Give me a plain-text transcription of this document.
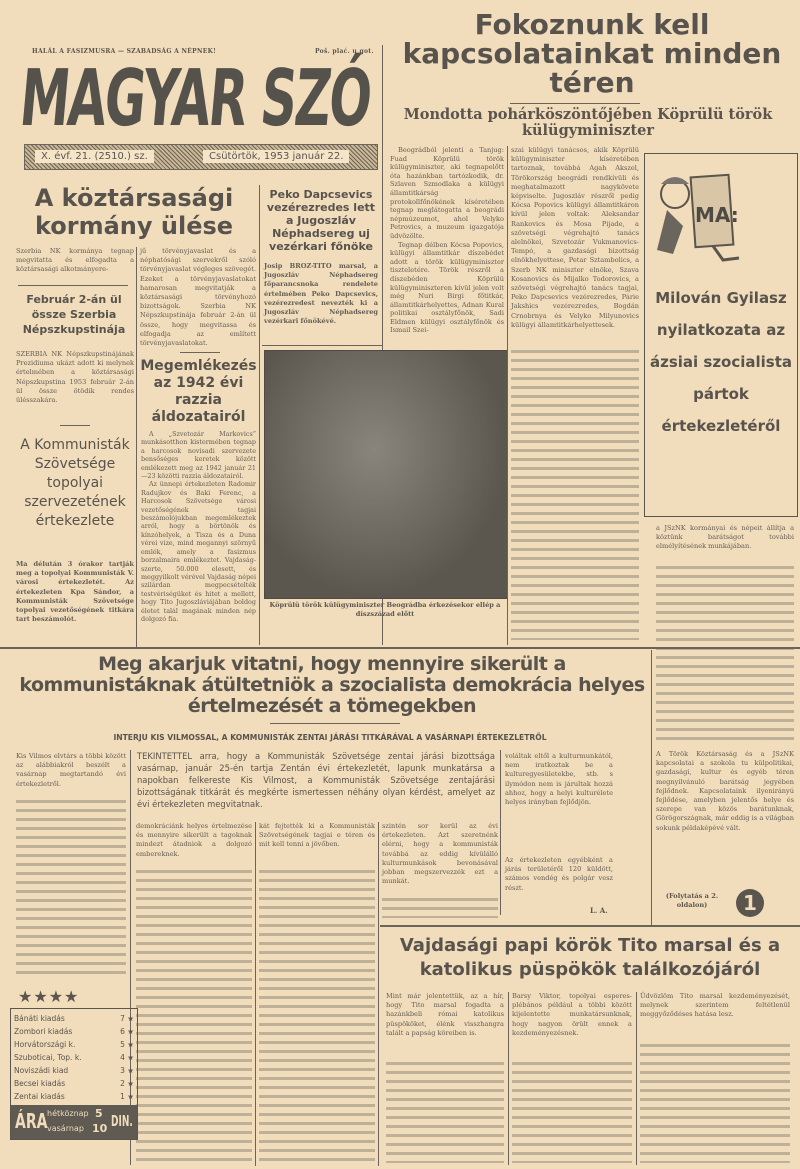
HALÁL A FASIZMUSRA — SZABADSÁG A NÉPNEK!	Poš. plać. u got.
MAGYAR SZÓ
X. évf. 21. (2510.) sz.	Csütörtök, 1953 január 22.
A köztársasági kormány ülése
Szerbia NK kormánya tegnap megvitatta és elfogadta a köztársasági alkotmányere-
jű törvényjavaslat és a néphatósági szervekről szóló törvényjavaslat végleges szövegét. Ezeket a törvényjavaslatokat hamarosan megvitatják a köztársasági törvényhozó bizottságok. Szerbia NK Népszkupstinája február 2-án ül össze, hogy megvitassa és elfogadja az említett törvényjavaslatokat.
Február 2-án ül össze Szerbia Népszkupstinája
SZERBIA NK Népszkupstinájának Prezidiuma ukázt adott ki melynek értelmében a köztársasági Népszkupstina 1953 február 2-án ül össze ötödik rendes ülésszakára.
A Kommunisták Szövetsége topolyai szervezetének értekezlete
Ma délután 3 órakor tartják meg a topolyai Kommunisták V. városi értekezletét. Az értekezleten Kpa Sándor, a Kommunisták Szövetsége topolyai vezetőségének titkára tart beszámolót.
Megemlékezés az 1942 évi razzia áldozatairól

A „Szvetozár Markovics” munkásotthon kistermében tegnap a harcosok novisadi szervezete bensőséges keretek között emlékezett meg az 1942 január 21—23 közötti razzia áldozatairól.

Az ünnepi értekezleten Radomir Radujkov és Baki Ferenc, a Harcosok Szövetsége városi vezetőségének tagjai beszámolójukban megemlékeztek arról, hogy a börtönök és kínzóhelyek, a Tisza és a Duna vérei vize, mind megannyi szörnyű emlék, amely a fasizmus borzalmaira emlékeztet. Vajdaság-szerte, 50.000 elesett, és meggyilkolt vérével Vajdaság népei szilárdan megpecsételték testvériségüket és hitet a mellett, hogy Tito Jugoszláviájában boldog életet talál magának minden nép dolgozó fia.

Peko Dapcsevics vezérezredes lett a Jugoszláv Néphadsereg uj vezérkari főnöke
Josip BROZ-TITO marsal, a Jugoszláv Néphadsereg főparancsnoka rendelete értelmében Peko Dapcsevics, vezérezredest nevezték ki a Jugoszláv Néphadsereg vezérkari főnökévé.
Köprülü török külügyminiszter Beográdba érkezésekor ellép a díszszázad előtt
Fokoznunk kell kapcsolatainkat minden téren
Mondotta pohárköszöntőjében Köprülü török külügyminiszter

Beográdból jelenti a Tanjug: Fuad Köprülü török külügyminiszter, aki tegnapelőtt óta hazánkban tartózkodik, dr. Szlaven Szmodlaka a külügyi államtitkárság protokollfőnökének kíséretében tegnap meglátogatta a beográdi népmúzeumot, ahol Velyko Petrovics, a muzeum igazgatója üdvözölte.

Tegnap délben Kócsa Popovics, külügyi államtitkár díszebédet adott a török külügyminiszter tiszteletére. Török részről a díszebéden Köprülü külügyminiszteren kívül jelen volt még Nuri Birgi főtitkár, államtitkárhelyettes, Adnan Kural politikai osztályfőnök, Sadi Eldmen külügyi osztályfőnök és Ismail Szei-

szai külügyi tanácsos, akik Köprülü külügyminiszter kíséretében tartoznak, továbbá Agah Akszel, Törökország beográdi rendkívüli és meghatalmazott nagykövete képviselte. Jugoszláv részről pedig Kócsa Popovics külügyi államtitkáron kívül jelen voltak: Aleksandar Rankovics és Mosa Pijade, a szövetségi végrehajtó tanács alelnökei, Szvetozár Vukmanovics-Tempó, a gazdasági bizottság elnökhelyettese, Petar Sztambolics, a Szerb NK miniszter elnöke, Szava Kosanovics és Mijalko Todorovics, a szövetségi végrehajtó tanács tagjai, Peko Dapcsevics vezérezredes, Párie Jakshics vezérezredes, Bogdán Crnobrnya és Velyko Milyunovics külügyi államtitkárhelyettesek.
MA:
Milován Gyilasz nyilatkozata az ázsiai szocialista pártok értekezletéről
a JSzNK kormányai és népeit állítja a köztünk barátságot további elmélyítésének munkájában.
A Török Köztársaság és a JSzNK kapcsolatai a szokola tu külpolitikai, gazdasági, kultur és egyéb téren megnyilvánuló barátság jegyében fejlődnek. Kapcsolataink ilyenirányú fejlődése, amelyben jelentős helye és szerepe van közös barátunknak, Görögországnak, már eddig is a világban sokunk példaképévé vált.
(Folytatás a 2. oldalon)	1
Meg akarjuk vitatni, hogy mennyire sikerült a kommunistáknak átültetniök a szocialista demokrácia helyes értelmezését a tömegekben
INTERJU KIS VILMOSSAL, A KOMMUNISTÁK ZENTAI JÁRÁSI TITKÁRÁVAL A VASÁRNAPI ÉRTEKEZLETRŐL
Kis Vilmos elvtárs a többi között az alábbiakról beszélt a vasárnap megtartandó évi értekezletről.
TEKINTETTEL arra, hogy a Kommunisták Szövetsége zentai járási bizottsága vasárnap, január 25-én tartja Zentán évi értekezletét, lapunk munkatársa a napokban felkereste Kis Vilmost, a Kommunisták Szövetsége zentajárási bizottságának titkárát és megkérte ismertessen néhány olyan kérdést, amelyet az évi értekezleten megvitatnak.
voláltak eltől a kulturmunkától, nem iratkoztak be a kulturegyesületekbe, stb. s ilymódon nem is járultak hozzá ahhoz, hogy a helyi kulturélete helyes irányban fejlődjön.
Az értekezleten egyébként a járás területéről 120 küldött, számos vendég és polgár vesz részt.
L. A.
demokráciánk helyes értelmezése és mennyire sikerült a tagoknak mindezt átadniok a dolgozó embereknek.
kát fejtették ki a Kommunisták Szövetségének tagjai e téren és mit kell tenni a jövőben.
szintén sor kerül az évi értekezleten. Azt szeretnénk elérni, hogy a kommunisták továbbá az eddig kívülálló kulturmunkások bevonásával jobban megszervezzék ezt a munkát.
★★★★
Bánáti kiadás	7 ★
Zombori kiadás	6 ★
Horvátországi k.	5 ★
Szuboticai, Top. k.	4 ★
Noviszádi kiad	3 ★
Becsei kiadás	2 ★
Zentai kiadás	1 ★
ÁRA hétköznap 5
vasárnap 10 DIN.
Vajdasági papi körök Tito marsal és a katolikus püspökök találkozójáról
Mint már jelentettük, az a hír, hogy Tito marsal fogadta a hazánkbeli római katolikus püspököket, élénk visszhangra talált a papság köreiben is.
Barsy Viktor, topolyai esperes-plébános például a többi között kijelentette munkatársunknak, hogy nagyon örült ennek a kezdeményezésnek.
Üdvözlöm Tito marsal kezdeményezését, melynek szerintem feltétlenül meggyőződéses hatása lesz.
